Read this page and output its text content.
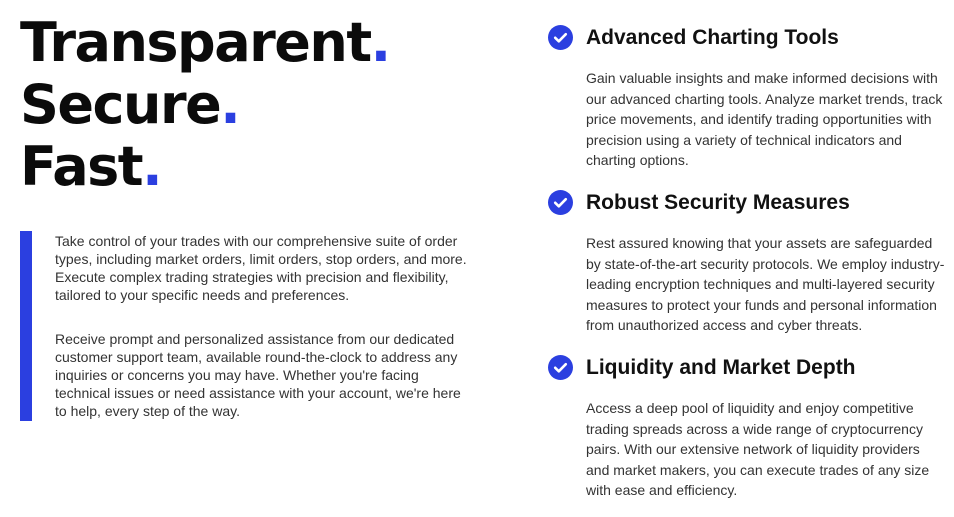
Transparent.
Secure.
Fast.

Take control of your trades with our comprehensive suite of order types, including market orders, limit orders, stop orders, and more. Execute complex trading strategies with precision and flexibility, tailored to your specific needs and preferences.

Receive prompt and personalized assistance from our dedicated customer support team, available round-the-clock to address any inquiries or concerns you may have. Whether you're facing technical issues or need assistance with your account, we're here to help, every step of the way.

Advanced Charting Tools

Gain valuable insights and make informed decisions with our advanced charting tools. Analyze market trends, track price movements, and identify trading opportunities with precision using a variety of technical indicators and charting options.

Robust Security Measures

Rest assured knowing that your assets are safeguarded by state-of-the-art security protocols. We employ industry-leading encryption techniques and multi-layered security measures to protect your funds and personal information from unauthorized access and cyber threats.

Liquidity and Market Depth

Access a deep pool of liquidity and enjoy competitive trading spreads across a wide range of cryptocurrency pairs. With our extensive network of liquidity providers and market makers, you can execute trades of any size with ease and efficiency.
